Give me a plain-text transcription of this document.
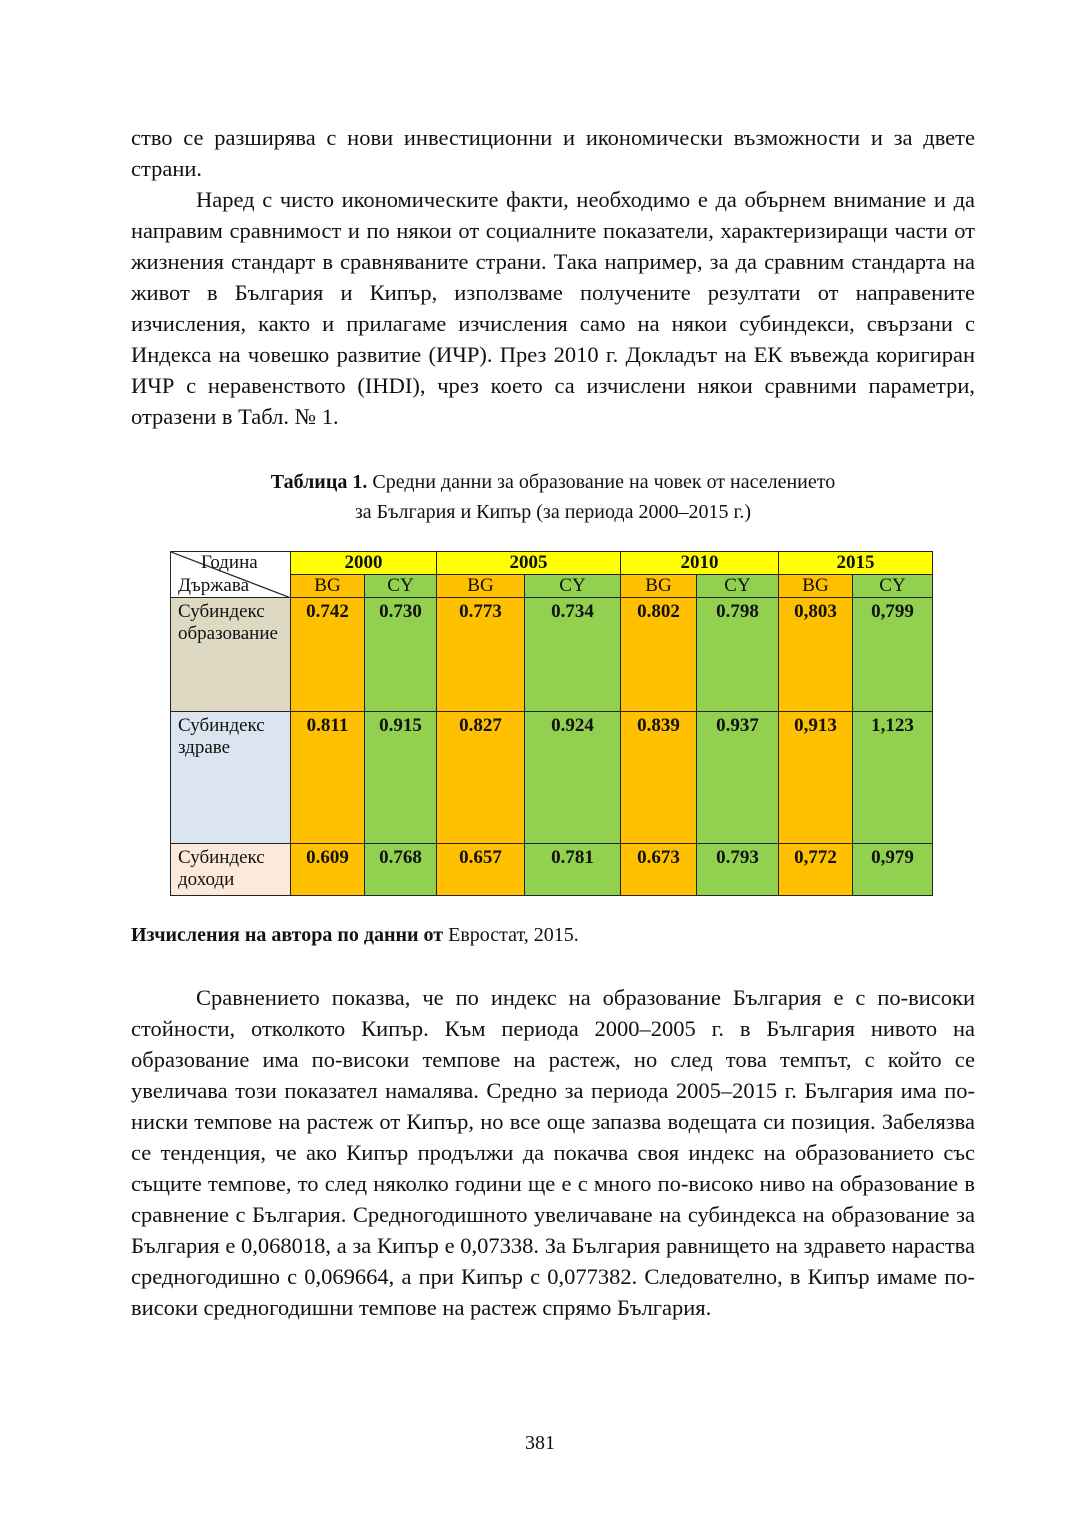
ство се разширява с нови инвестиционни и икономически възможности и за двете страни.

Наред с чисто икономическите факти, необходимо е да обърнем внимание и да направим сравнимост и по някои от социалните показатели, характеризиращи части от жизнения стандарт в сравняваните страни. Така например, за да сравним стандарта на живот в България и Кипър, използваме получените резултати от направените изчисления, както и прилагаме изчисления само на някои субиндекси, свързани с Индекса на човешко развитие (ИЧР). През 2010 г. Докладът на ЕК въвежда коригиран ИЧР с неравенството (IHDI), чрез което са изчислени някои сравними параметри, отразени в Табл. № 1.

Таблица 1. Средни данни за образование на човек от населението
за България и Кипър (за периода 2000–2015 г.)
Година
Държава	2000		2005		2010		2015	
	BG	CY	BG	CY	BG	CY	BG	CY
Субиндекс образование	0.742	0.730	0.773	0.734	0.802	0.798	0,803	0,799
Субиндекс здраве	0.811	0.915	0.827	0.924	0.839	0.937	0,913	1,123
Субиндекс доходи	0.609	0.768	0.657	0.781	0.673	0.793	0,772	0,979
Изчисления на автора по данни от Евростат, 2015.

Сравнението показва, че по индекс на образование България е с по-високи стойности, отколкото Кипър. Към периода 2000–2005 г. в България нивото на образование има по-високи темпове на растеж, но след това темпът, с който се увеличава този показател намалява. Средно за периода 2005–2015 г. България има по-ниски темпове на растеж от Кипър, но все още запазва водещата си позиция. Забелязва се тенденция, че ако Кипър продължи да покачва своя индекс на образованието със същите темпове, то след няколко години ще е с много по-високо ниво на образование в сравнение с България. Средногодишното увеличаване на субиндекса на образование за България е 0,068018, а за Кипър е 0,07338. За България равнището на здравето нараства средногодишно с 0,069664, а при Кипър с 0,077382. Следователно, в Кипър имаме по-високи средногодишни темпове на растеж спрямо България.

381
